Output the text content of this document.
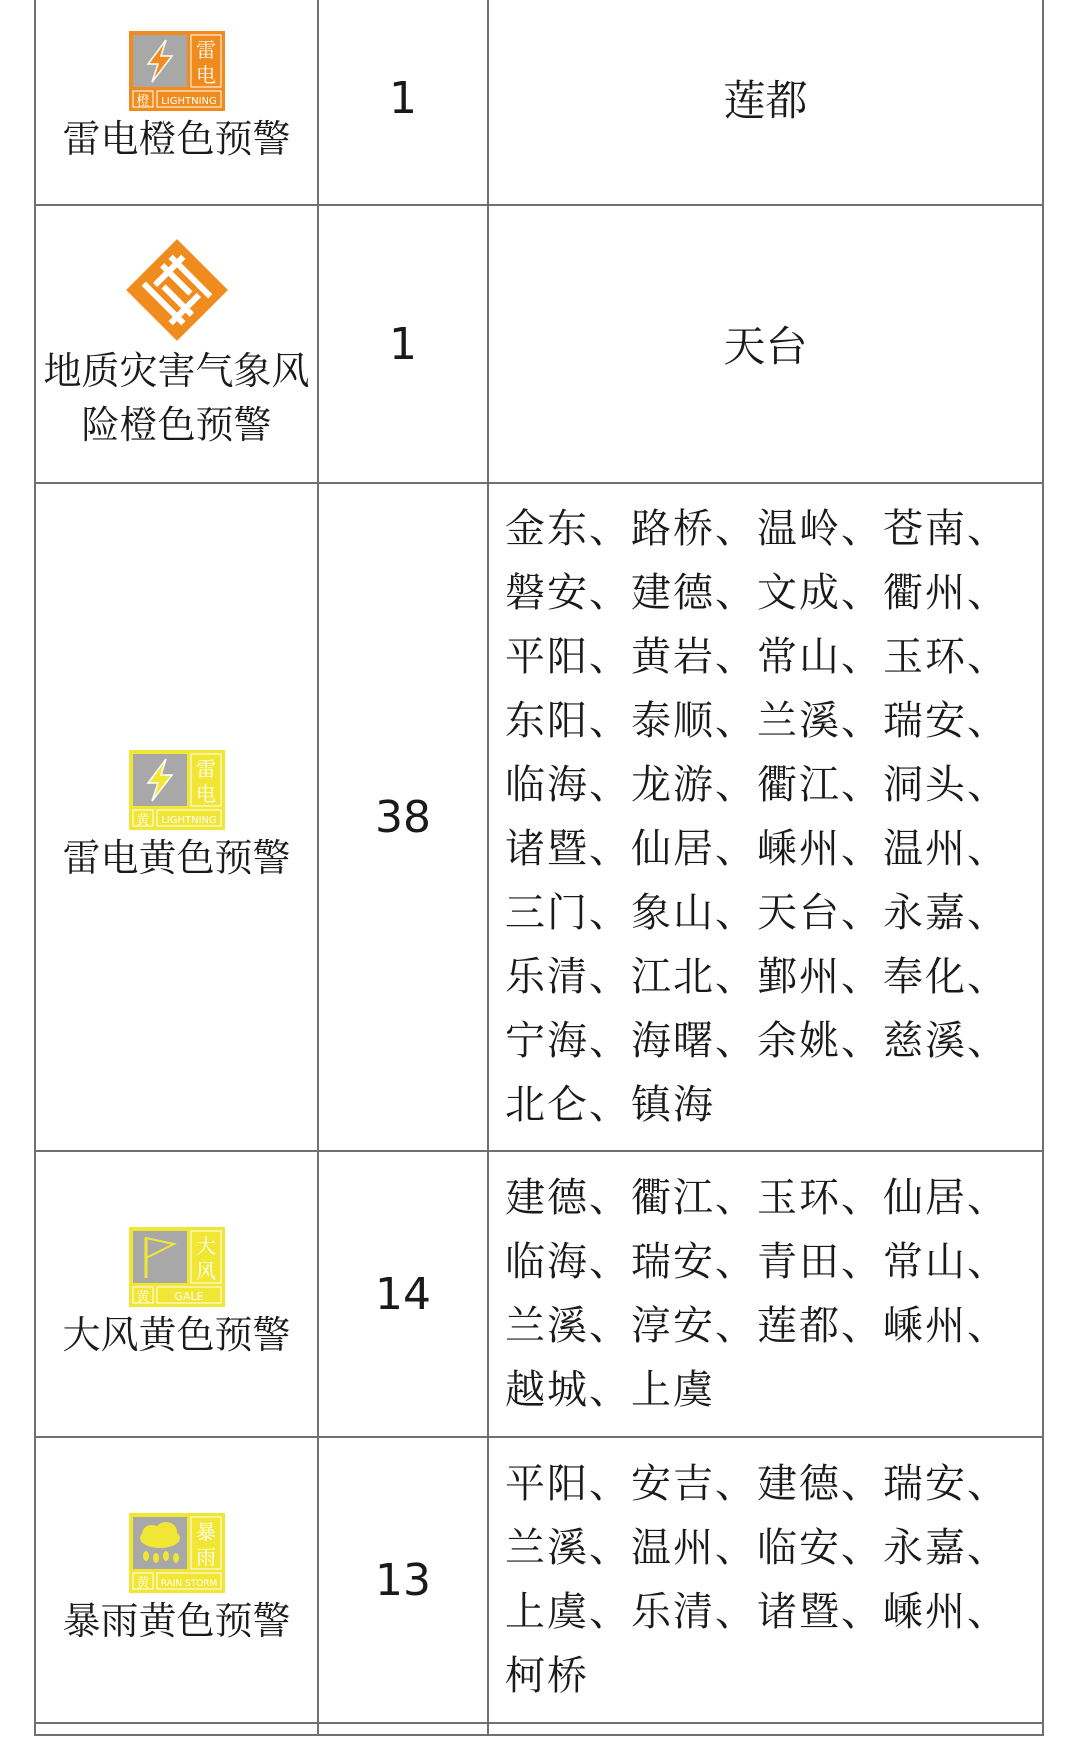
雷
电
橙 LIGHTNING
雷电橙色预警	1	莲都

地质灾害气象风
险橙色预警	1	天台

雷
电
黄 LIGHTNING
雷电黄色预警	38	金东、路桥、温岭、苍南、磐安、建德、文成、衢州、平阳、黄岩、常山、玉环、东阳、泰顺、兰溪、瑞安、临海、龙游、衢江、洞头、诸暨、仙居、嵊州、温州、三门、象山、天台、永嘉、乐清、江北、鄞州、奉化、宁海、海曙、余姚、慈溪、北仑、镇海

大
风
黄 GALE
大风黄色预警	14	建德、衢江、玉环、仙居、临海、瑞安、青田、常山、兰溪、淳安、莲都、嵊州、越城、上虞

暴
雨
黄 RAIN STORM
暴雨黄色预警	13	平阳、安吉、建德、瑞安、兰溪、温州、临安、永嘉、上虞、乐清、诸暨、嵊州、柯桥
